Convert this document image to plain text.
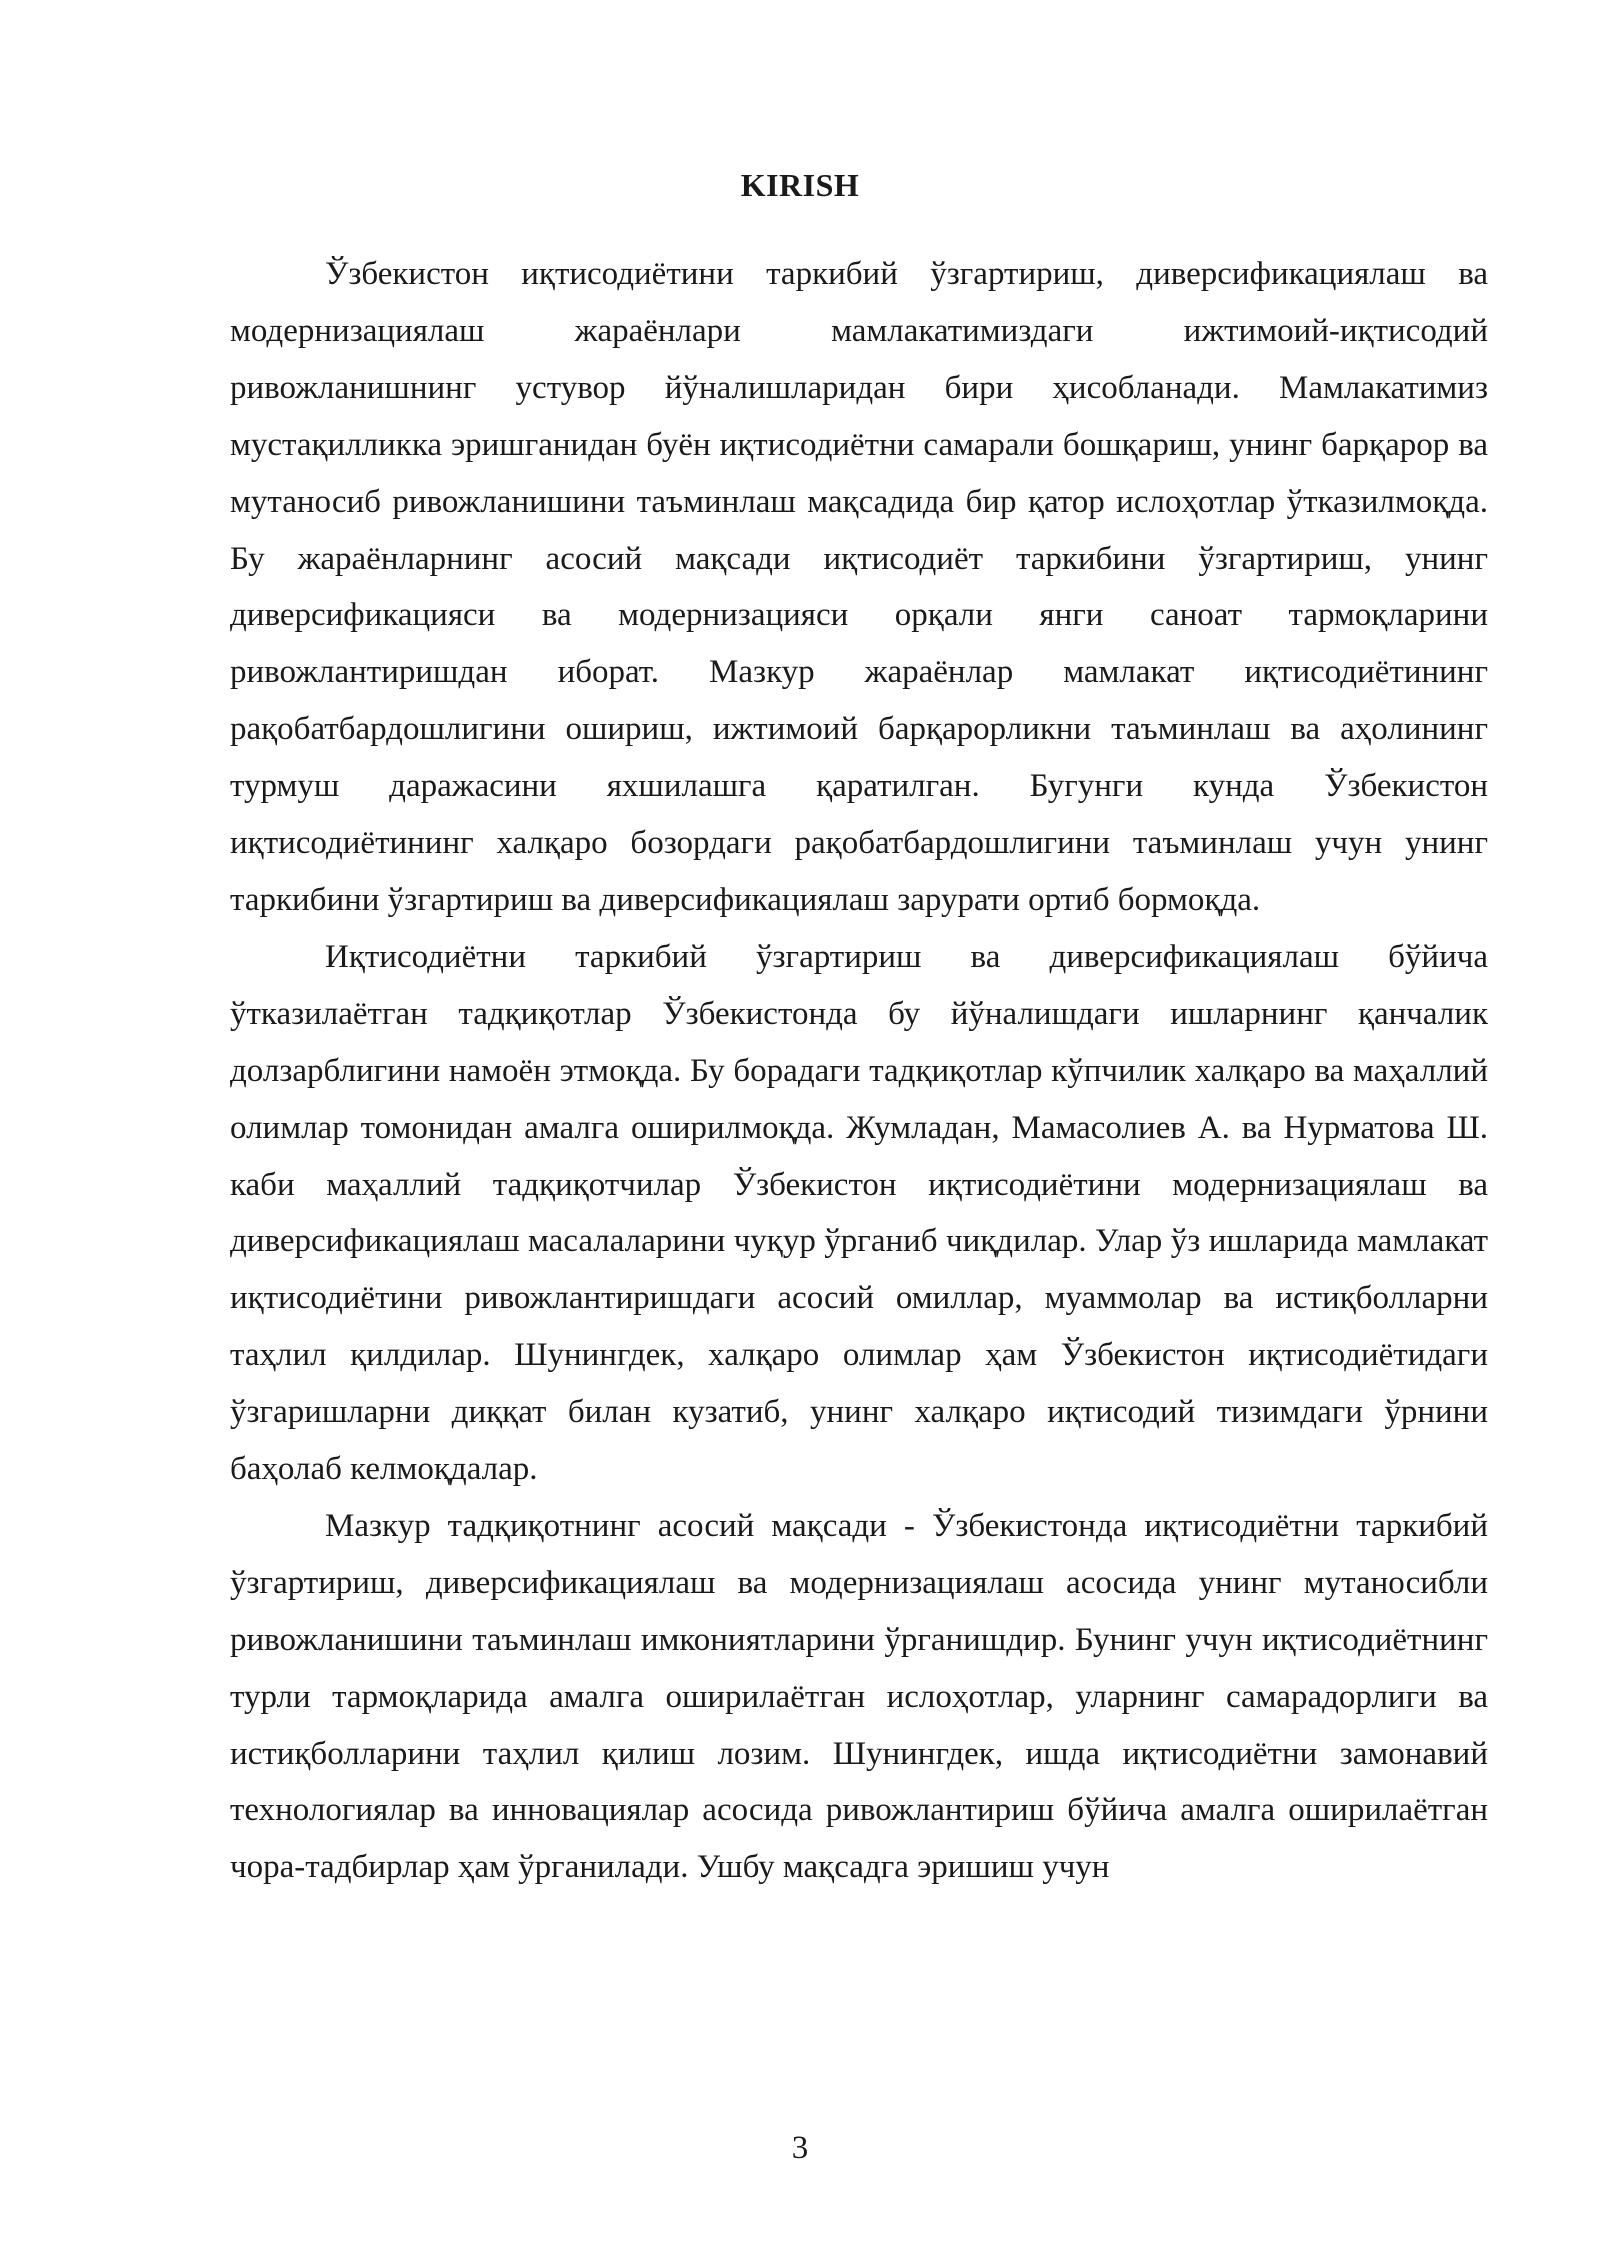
KIRISH

Ўзбекистон иқтисодиётини таркибий ўзгартириш, диверсификациялаш ва модернизациялаш жараёнлари мамлакатимиздаги ижтимоий-иқтисодий ривожланишнинг устувор йўналишларидан бири ҳисобланади. Мамлакатимиз мустақилликка эришганидан буён иқтисодиётни самарали бошқариш, унинг барқарор ва мутаносиб ривожланишини таъминлаш мақсадида бир қатор ислоҳотлар ўтказилмоқда. Бу жараёнларнинг асосий мақсади иқтисодиёт таркибини ўзгартириш, унинг диверсификацияси ва модернизацияси орқали янги саноат тармоқларини ривожлантиришдан иборат. Мазкур жараёнлар мамлакат иқтисодиётининг рақобатбардошлигини ошириш, ижтимоий барқарорликни таъминлаш ва аҳолининг турмуш даражасини яхшилашга қаратилган. Бугунги кунда Ўзбекистон иқтисодиётининг халқаро бозордаги рақобатбардошлигини таъминлаш учун унинг таркибини ўзгартириш ва диверсификациялаш зарурати ортиб бормоқда.

Иқтисодиётни таркибий ўзгартириш ва диверсификациялаш бўйича ўтказилаётган тадқиқотлар Ўзбекистонда бу йўналишдаги ишларнинг қанчалик долзарблигини намоён этмоқда. Бу борадаги тадқиқотлар кўпчилик халқаро ва маҳаллий олимлар томонидан амалга оширилмоқда. Жумладан, Мамасолиев А. ва Нурматова Ш. каби маҳаллий тадқиқотчилар Ўзбекистон иқтисодиётини модернизациялаш ва диверсификациялаш масалаларини чуқур ўрганиб чиқдилар. Улар ўз ишларида мамлакат иқтисодиётини ривожлантиришдаги асосий омиллар, муаммолар ва истиқболларни таҳлил қилдилар. Шунингдек, халқаро олимлар ҳам Ўзбекистон иқтисодиётидаги ўзгаришларни диққат билан кузатиб, унинг халқаро иқтисодий тизимдаги ўрнини баҳолаб келмоқдалар.

Мазкур тадқиқотнинг асосий мақсади - Ўзбекистонда иқтисодиётни таркибий ўзгартириш, диверсификациялаш ва модернизациялаш асосида унинг мутаносибли ривожланишини таъминлаш имкониятларини ўрганишдир. Бунинг учун иқтисодиётнинг турли тармоқларида амалга оширилаётган ислоҳотлар, уларнинг самарадорлиги ва истиқболларини таҳлил қилиш лозим. Шунингдек, ишда иқтисодиётни замонавий технологиялар ва инновациялар асосида ривожлантириш бўйича амалга оширилаётган чора-тадбирлар ҳам ўрганилади. Ушбу мақсадга эришиш учун

3
